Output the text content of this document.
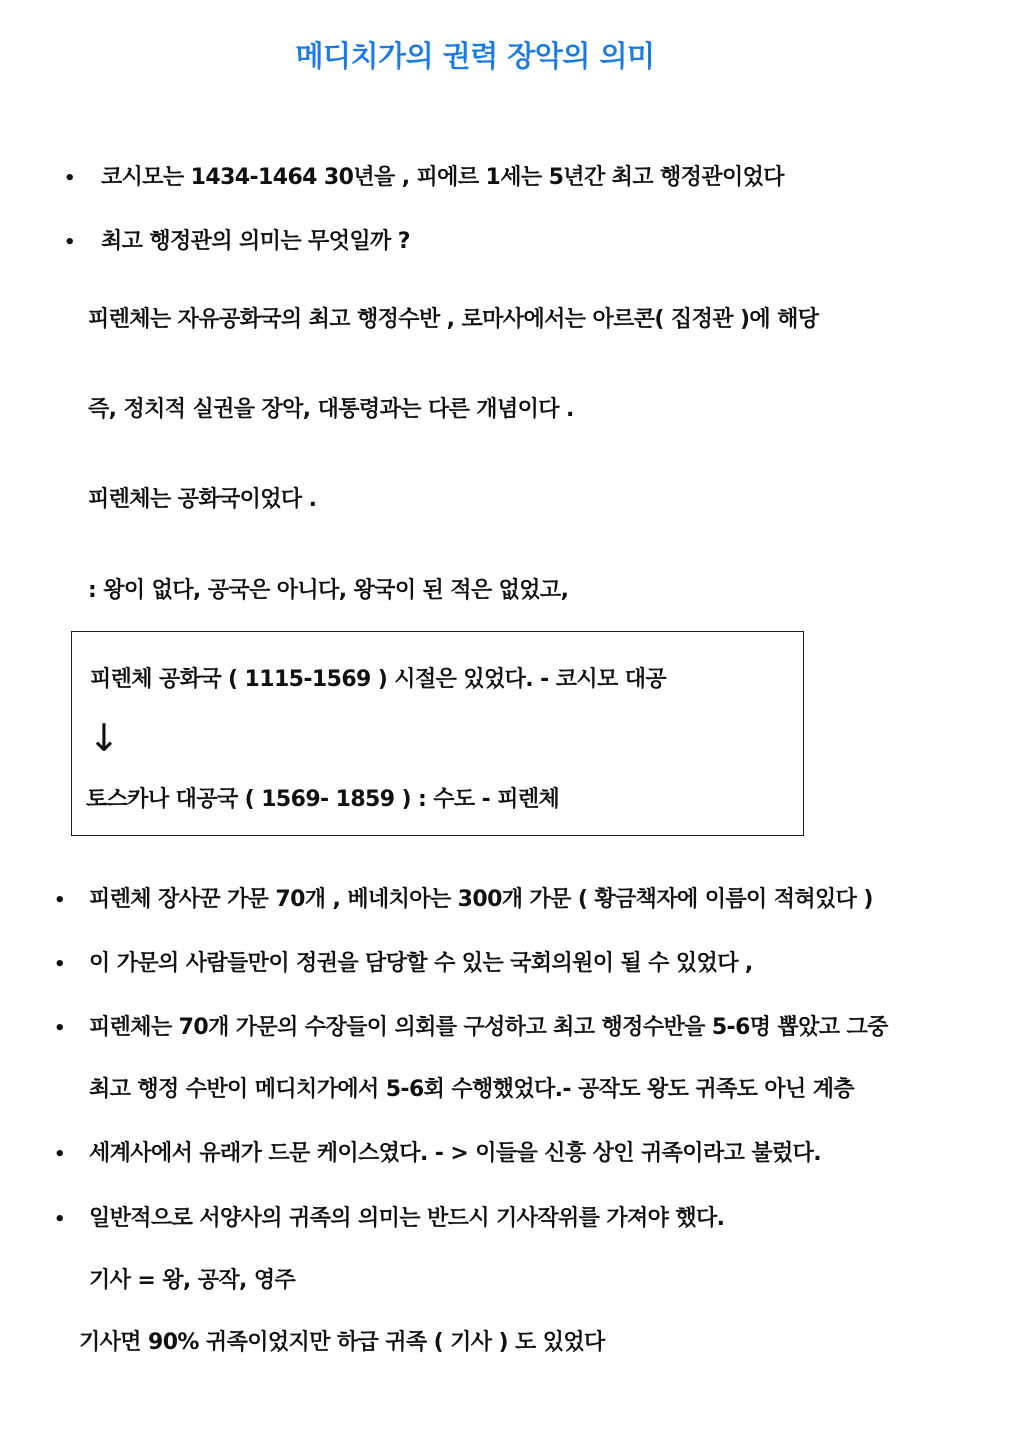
메디치가의 권력 장악의 의미
• 코시모는 1434-1464 30년을 , 피에르 1세는 5년간 최고 행정관이었다
• 최고 행정관의 의미는 무엇일까 ?
피렌체는 자유공화국의 최고 행정수반 , 로마사에서는 아르콘( 집정관 )에 해당
즉, 정치적 실권을 장악, 대통령과는 다른 개념이다 .
피렌체는 공화국이었다 .
: 왕이 없다, 공국은 아니다, 왕국이 된 적은 없었고,
피렌체 공화국 ( 1115-1569 ) 시절은 있었다. - 코시모 대공
↓
토스카나 대공국 ( 1569- 1859 ) : 수도 - 피렌체
• 피렌체 장사꾼 가문 70개 , 베네치아는 300개 가문 ( 황금책자에 이름이 적혀있다 )
• 이 가문의 사람들만이 정권을 담당할 수 있는 국회의원이 될 수 있었다 ,
• 피렌체는 70개 가문의 수장들이 의회를 구성하고 최고 행정수반을 5-6명 뽑았고 그중
최고 행정 수반이 메디치가에서 5-6회 수행했었다.- 공작도 왕도 귀족도 아닌 계층
• 세계사에서 유래가 드문 케이스였다. - > 이들을 신흥 상인 귀족이라고 불렀다.
• 일반적으로 서양사의 귀족의 의미는 반드시 기사작위를 가져야 했다.
기사 = 왕, 공작, 영주
기사면 90% 귀족이었지만 하급 귀족 ( 기사 ) 도 있었다
